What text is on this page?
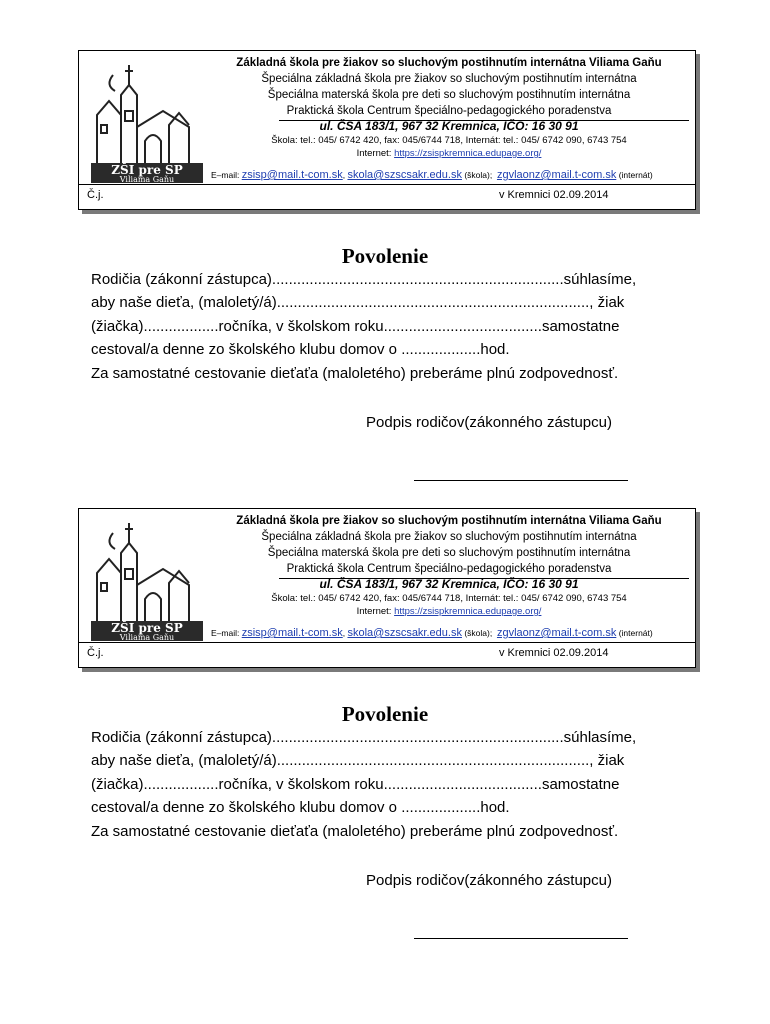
ZŠI pre SP
Viliama Gaňu
Základná škola pre žiakov so sluchovým postihnutím internátna Viliama Gaňu
Špeciálna základná škola pre žiakov so sluchovým postihnutím internátna
Špeciálna materská škola pre deti so sluchovým postihnutím internátna
Praktická škola Centrum špeciálno-pedagogického poradenstva
ul. ČSA 183/1, 967 32 Kremnica, IČO: 16 30 91
Škola: tel.: 045/ 6742 420, fax: 045/6744 718, Internát: tel.: 045/ 6742 090, 6743 754
Internet: https://zsispkremnica.edupage.org/
E–mail: zsisp@mail.t-com.sk, skola@szscsakr.edu.sk (škola); zgvlaonz@mail.t-com.sk (internát)
Č.j.	v Kremnici 02.09.2014
Povolenie
Rodičia (zákonní zástupca)......................................................................súhlasíme,
aby naše dieťa, (maloletý/á)..........................................................................., žiak
(žiačka)..................ročníka, v školskom roku......................................samostatne
cestoval/a denne zo školského klubu domov o ...................hod.
Za samostatné cestovanie dieťaťa (maloletého) preberáme plnú zodpovednosť.
Podpis rodičov(zákonného zástupcu)
ZŠI pre SP
Viliama Gaňu
Základná škola pre žiakov so sluchovým postihnutím internátna Viliama Gaňu
Špeciálna základná škola pre žiakov so sluchovým postihnutím internátna
Špeciálna materská škola pre deti so sluchovým postihnutím internátna
Praktická škola Centrum špeciálno-pedagogického poradenstva
ul. ČSA 183/1, 967 32 Kremnica, IČO: 16 30 91
Škola: tel.: 045/ 6742 420, fax: 045/6744 718, Internát: tel.: 045/ 6742 090, 6743 754
Internet: https://zsispkremnica.edupage.org/
E–mail: zsisp@mail.t-com.sk, skola@szscsakr.edu.sk (škola); zgvlaonz@mail.t-com.sk (internát)
Č.j.	v Kremnici 02.09.2014
Povolenie
Rodičia (zákonní zástupca)......................................................................súhlasíme,
aby naše dieťa, (maloletý/á)..........................................................................., žiak
(žiačka)..................ročníka, v školskom roku......................................samostatne
cestoval/a denne zo školského klubu domov o ...................hod.
Za samostatné cestovanie dieťaťa (maloletého) preberáme plnú zodpovednosť.
Podpis rodičov(zákonného zástupcu)
